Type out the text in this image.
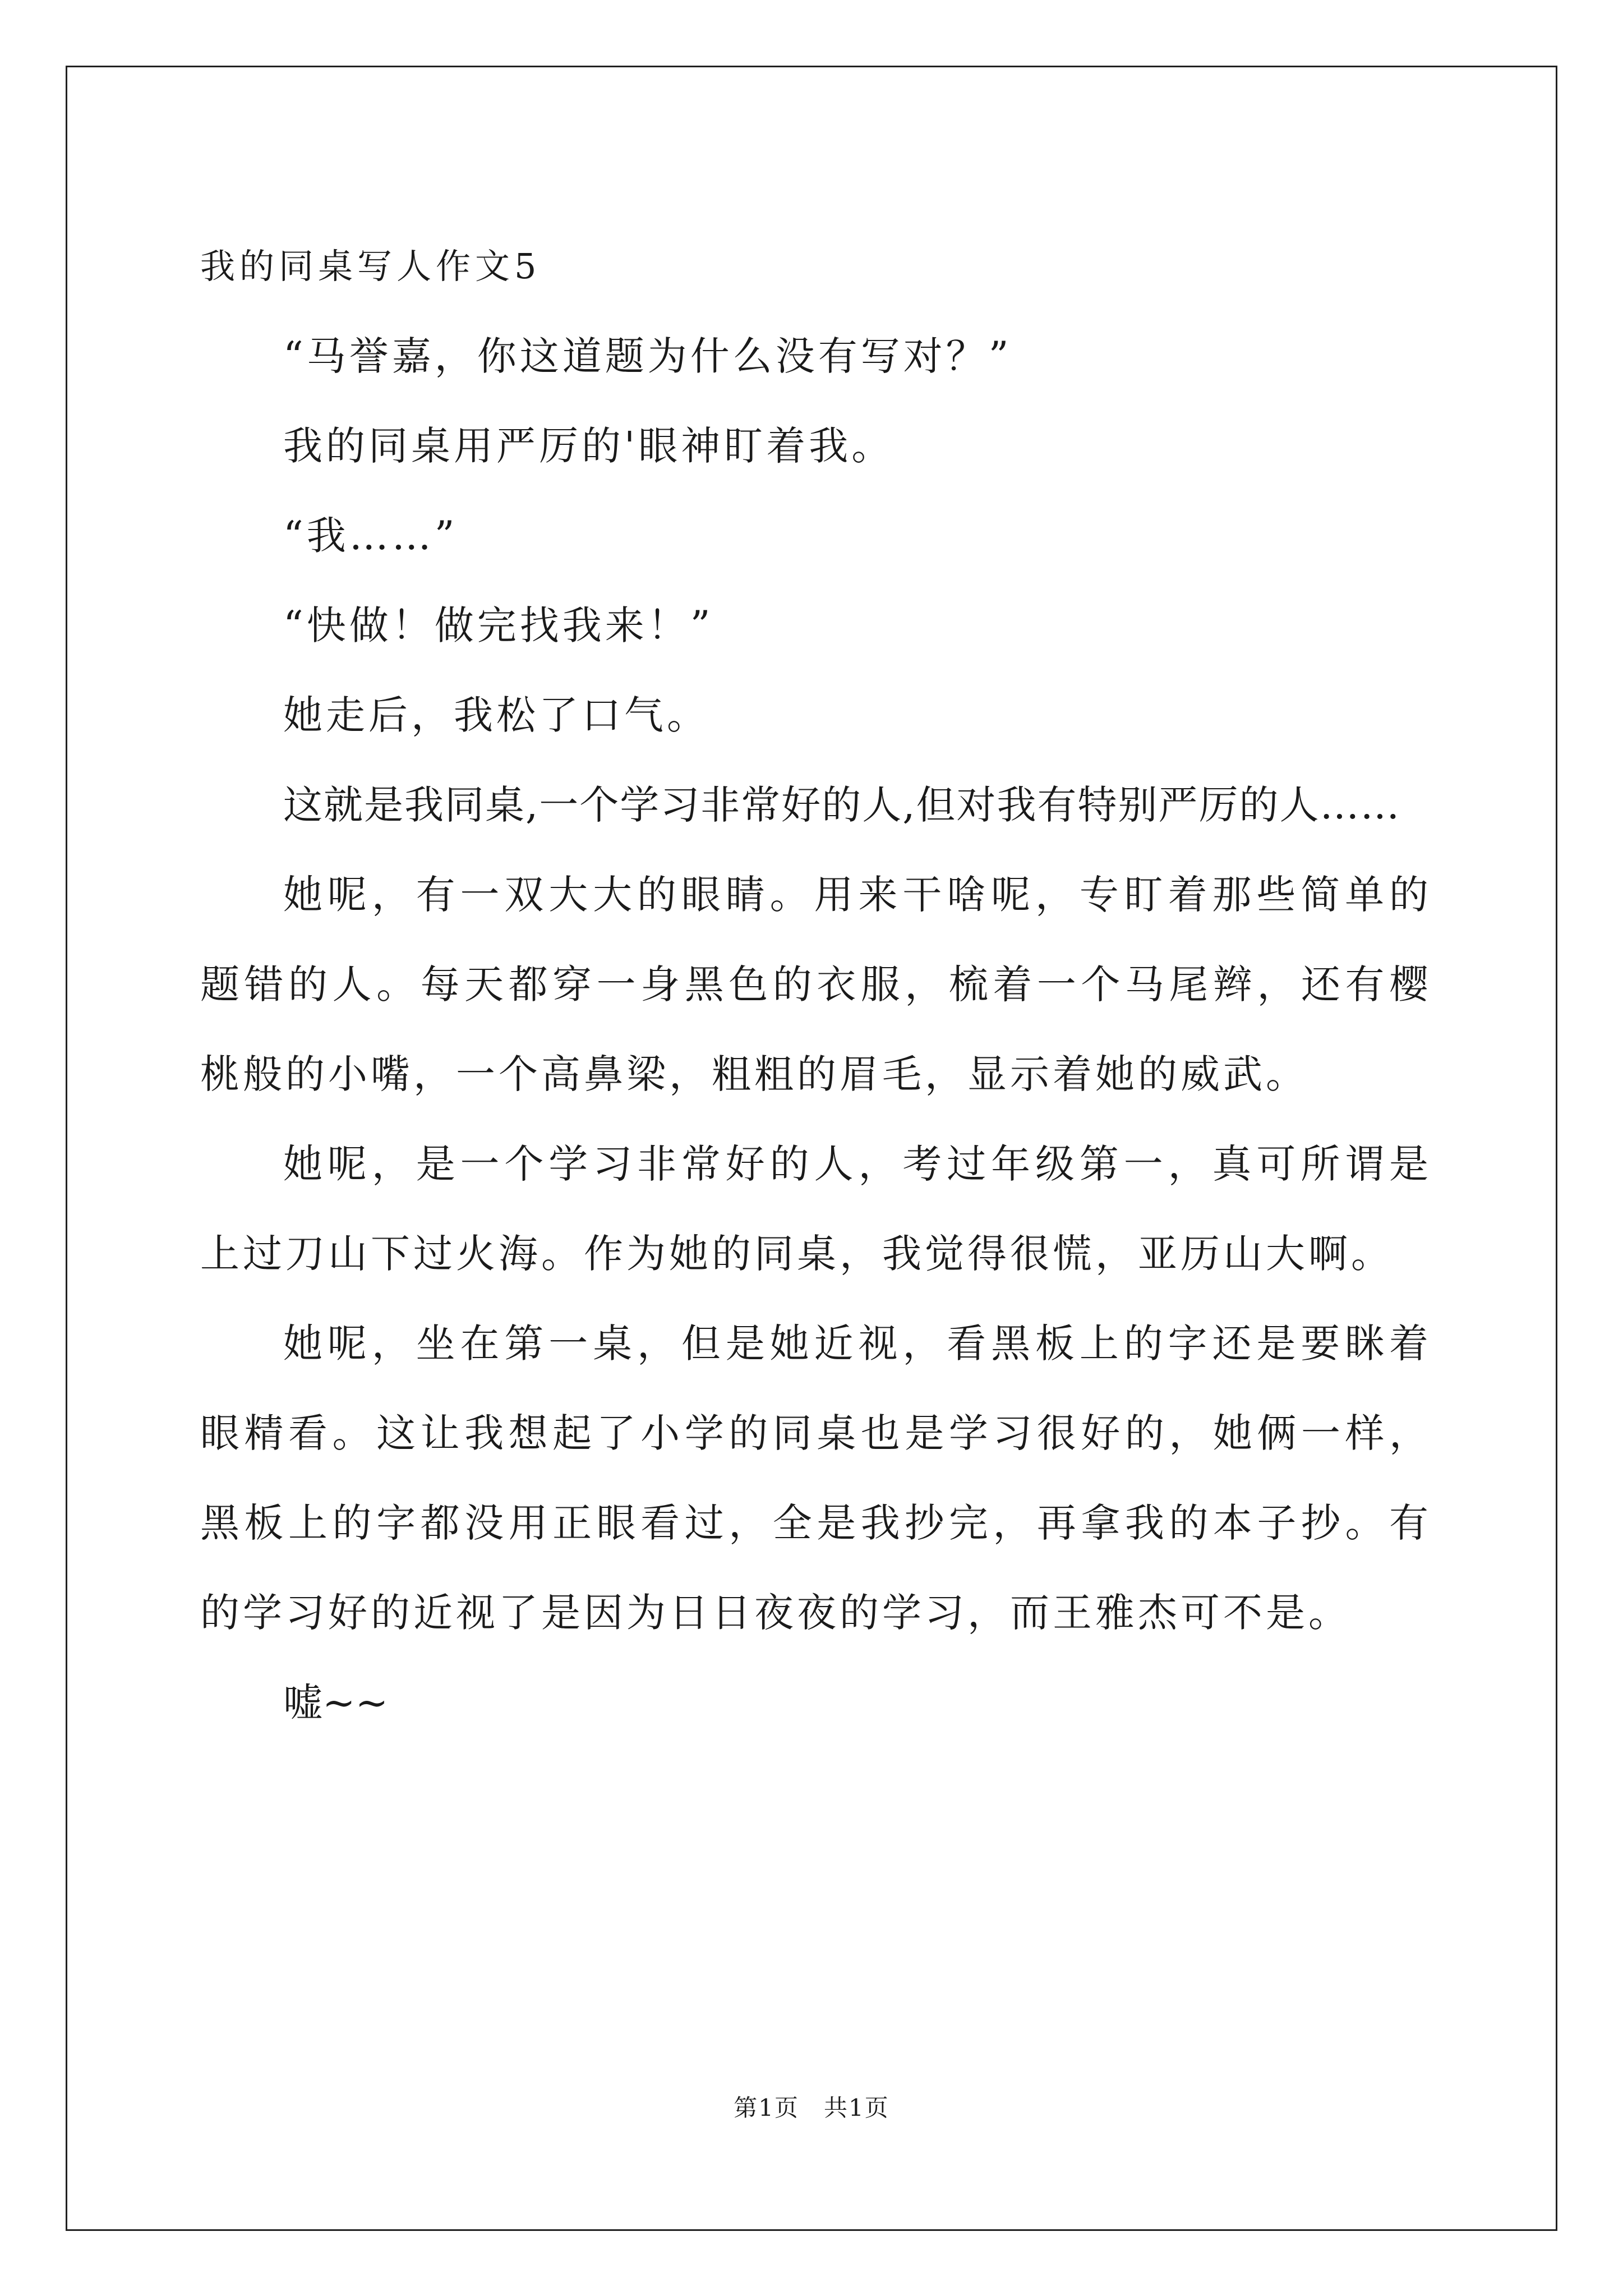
我的同桌写人作文5

“马誉嘉，你这道题为什么没有写对？”

我的同桌用严厉的'眼神盯着我。

“我……”

“快做！做完找我来！”

她走后，我松了口气。

这就是我同桌,一个学习非常好的人,但对我有特别严厉的人……

她呢，有一双大大的眼睛。用来干啥呢，专盯着那些简单的题错的人。每天都穿一身黑色的衣服，梳着一个马尾辫，还有樱桃般的小嘴，一个高鼻梁，粗粗的眉毛，显示着她的威武。

她呢，是一个学习非常好的人，考过年级第一，真可所谓是上过刀山下过火海。作为她的同桌，我觉得很慌，亚历山大啊。

她呢，坐在第一桌，但是她近视，看黑板上的字还是要眯着眼精看。这让我想起了小学的同桌也是学习很好的，她俩一样，黑板上的字都没用正眼看过，全是我抄完，再拿我的本子抄。有的学习好的近视了是因为日日夜夜的学习，而王雅杰可不是。

嘘~~

第1页　共1页
